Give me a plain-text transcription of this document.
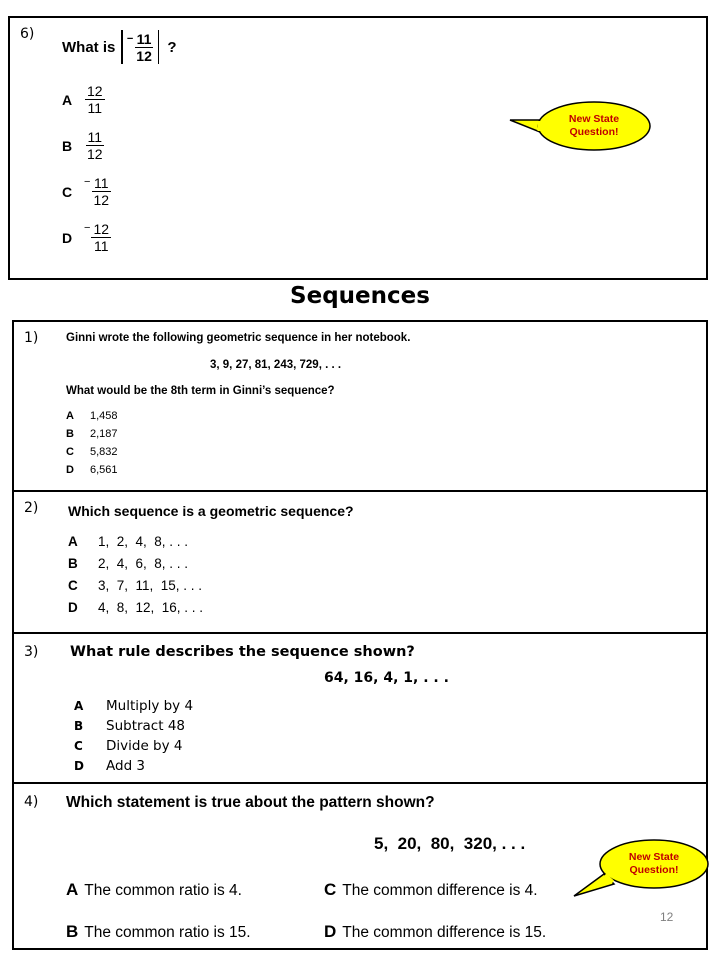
6)
What is − $\frac{11}{12}$ ?
A $\frac{12}{11}$
B $\frac{11}{12}$
C
− $\frac{11}{12}$
D
− $\frac{12}{11}$
New State
Question!
Sequences
1) Ginni wrote the following geometric sequence in her notebook.
3, 9, 27, 81, 243, 729, . . .
What would be the 8th term in Ginni’s sequence?
A 1,458
B 2,187
C 5,832
D 6,561
2) Which sequence is a geometric sequence?
A 1,  2,  4,  8, . . .
B 2,  4,  6,  8, . . .
C 3,  7,  11,  15, . . .
D 4,  8,  12,  16, . . .
3) What rule describes the sequence shown?
64, 16, 4, 1, . . .
A Multiply by 4
B Subtract 48
C Divide by 4
D Add 3
4) Which statement is true about the pattern shown?
5,  20,  80,  320, . . .
A The common ratio is 4.	C The common difference is 4.
B The common ratio is 15.	D The common difference is 15.
12
New State
Question!
